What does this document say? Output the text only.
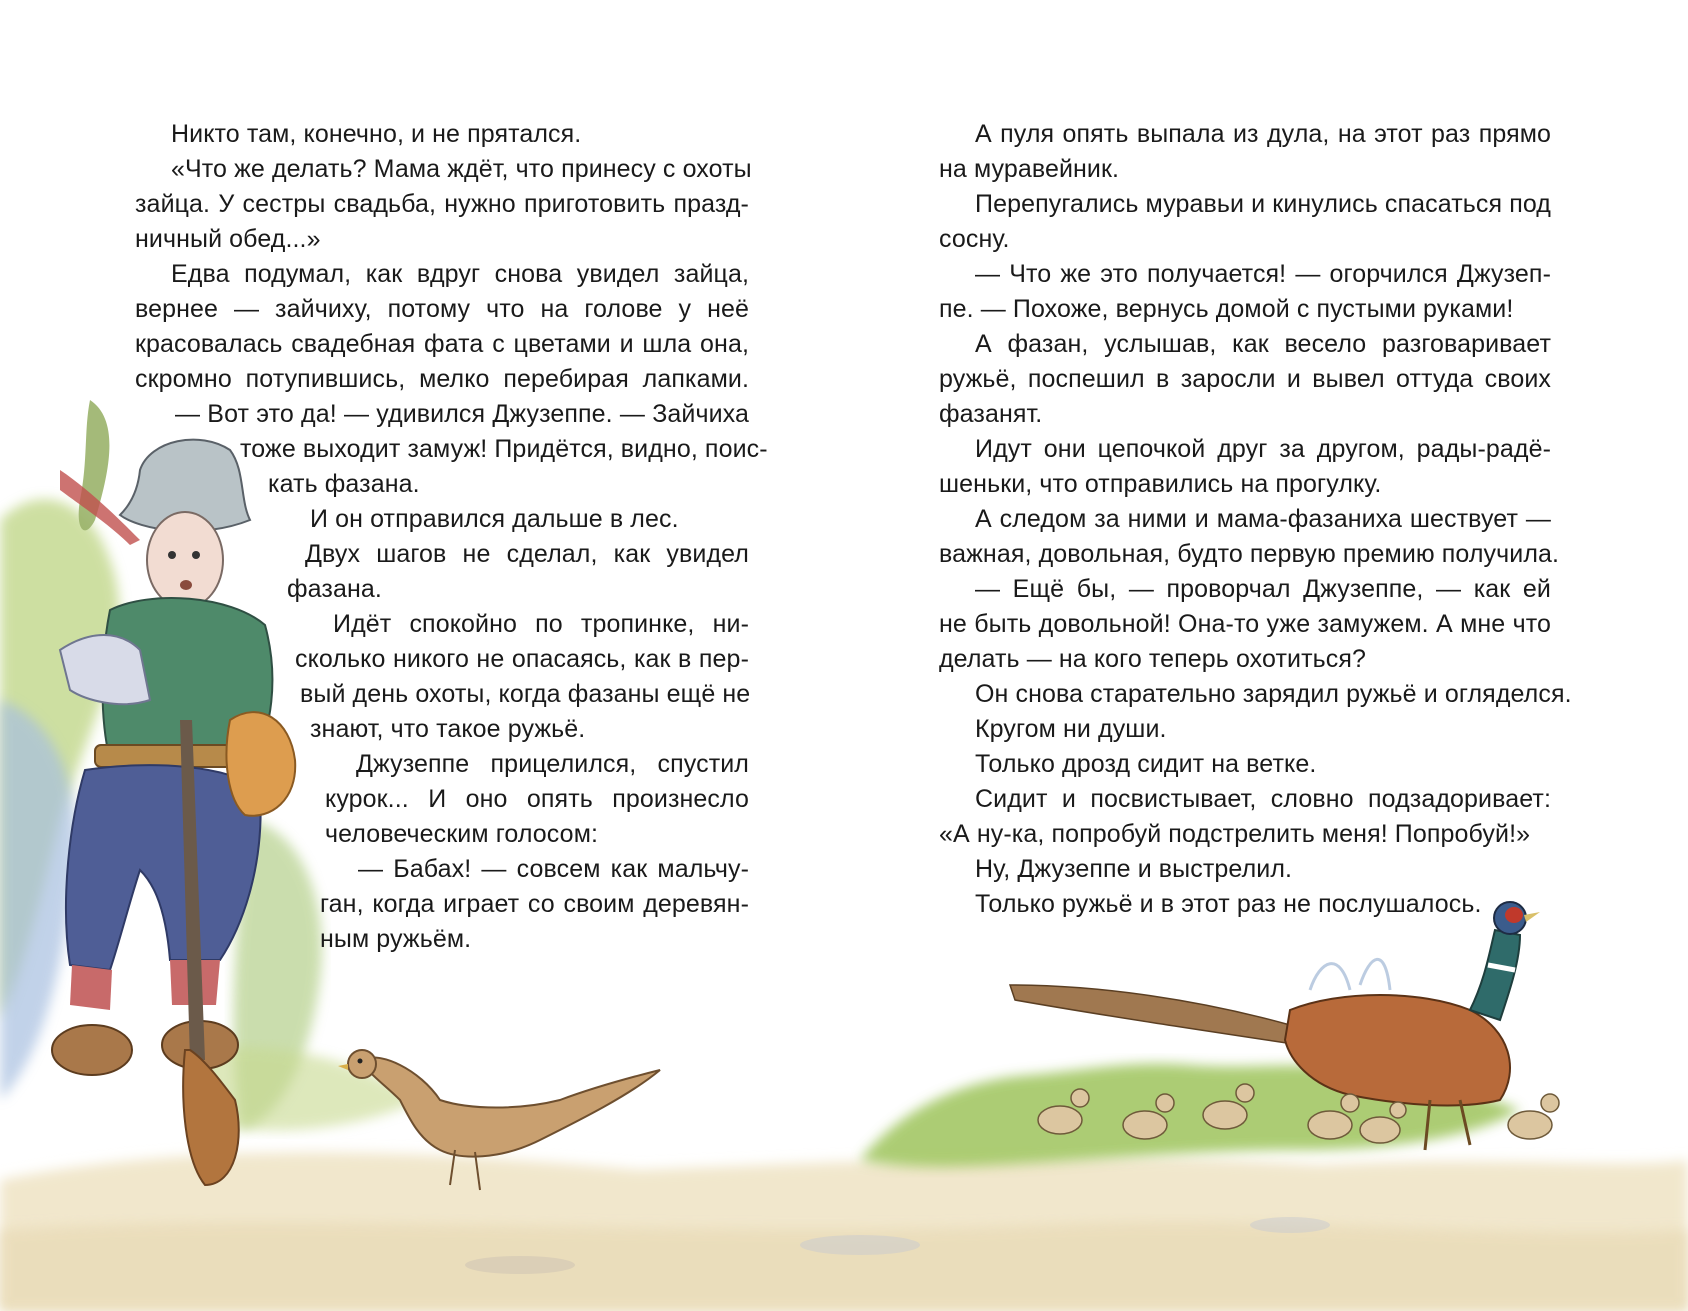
Никто там, конечно, и не прятался.
«Что же делать? Мама ждёт, что принесу с охоты
зайца. У сестры свадьба, нужно приготовить празд-
ничный обед...»
Едва подумал, как вдруг снова увидел зайца,
вернее — зайчиху, потому что на голове у неё
красовалась свадебная фата с цветами и шла она,
скромно потупившись, мелко перебирая лапками.
— Вот это да! — удивился Джузеппе. — Зайчиха
тоже выходит замуж! Придётся, видно, поис-
кать фазана.
И он отправился дальше в лес.
Двух шагов не сделал, как увидел
фазана.
Идёт спокойно по тропинке, ни-
сколько никого не опасаясь, как в пер-
вый день охоты, когда фазаны ещё не
знают, что такое ружьё.
Джузеппе прицелился, спустил
курок... И оно опять произнесло
человеческим голосом:
— Бабах! — совсем как мальчу-
ган, когда играет со своим деревян-
ным ружьём.
А пуля опять выпала из дула, на этот раз прямо
на муравейник.
Перепугались муравьи и кинулись спасаться под
сосну.
— Что же это получается! — огорчился Джузеп-
пе. — Похоже, вернусь домой с пустыми руками!
А фазан, услышав, как весело разговаривает
ружьё, поспешил в заросли и вывел оттуда своих
фазанят.
Идут они цепочкой друг за другом, рады-радё-
шеньки, что отправились на прогулку.
А следом за ними и мама-фазаниха шествует —
важная, довольная, будто первую премию получила.
— Ещё бы, — проворчал Джузеппе, — как ей
не быть довольной! Она-то уже замужем. А мне что
делать — на кого теперь охотиться?
Он снова старательно зарядил ружьё и огляделся.
Кругом ни души.
Только дрозд сидит на ветке.
Сидит и посвистывает, словно подзадоривает:
«А ну-ка, попробуй подстрелить меня! Попробуй!»
Ну, Джузеппе и выстрелил.
Только ружьё и в этот раз не послушалось.
